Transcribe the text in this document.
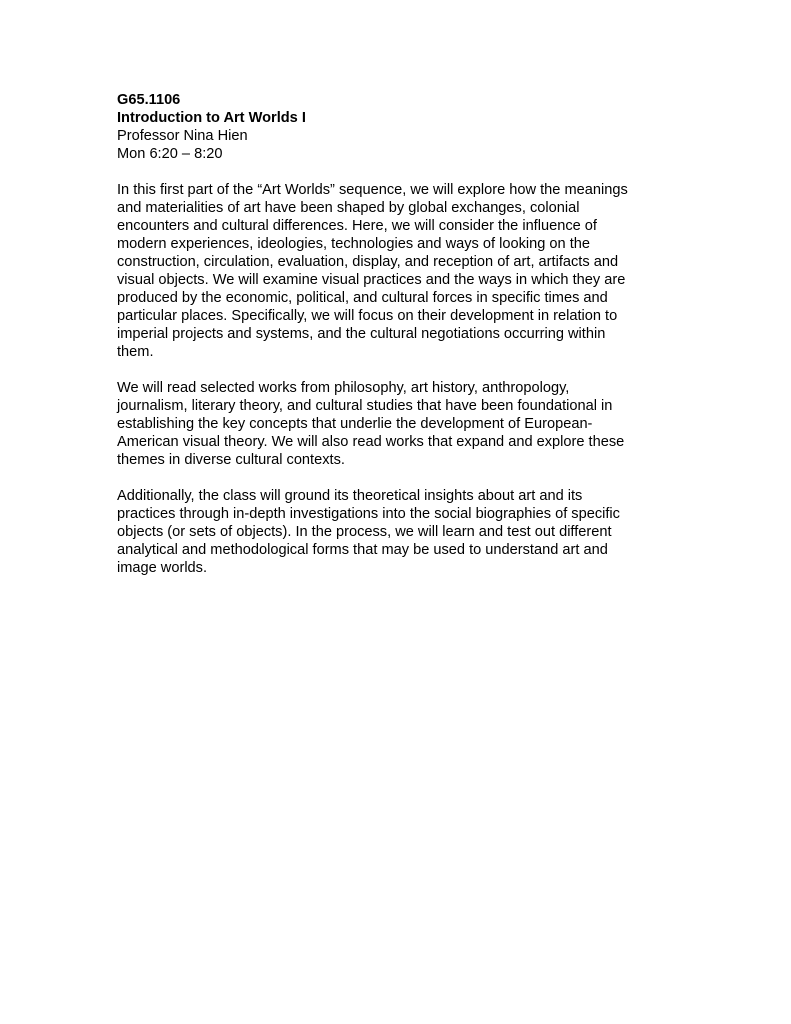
G65.1106
Introduction to Art Worlds I
Professor Nina Hien
Mon 6:20 – 8:20
In this first part of the “Art Worlds” sequence, we will explore how the meanings
and materialities of art have been shaped by global exchanges, colonial
encounters and cultural differences. Here, we will consider the influence of
modern experiences, ideologies, technologies and ways of looking on the
construction, circulation, evaluation, display, and reception of art, artifacts and
visual objects. We will examine visual practices and the ways in which they are
produced by the economic, political, and cultural forces in specific times and
particular places. Specifically, we will focus on their development in relation to
imperial projects and systems, and the cultural negotiations occurring within
them.
We will read selected works from philosophy, art history, anthropology,
journalism, literary theory, and cultural studies that have been foundational in
establishing the key concepts that underlie the development of European-
American visual theory. We will also read works that expand and explore these
themes in diverse cultural contexts.
Additionally, the class will ground its theoretical insights about art and its
practices through in-depth investigations into the social biographies of specific
objects (or sets of objects). In the process, we will learn and test out different
analytical and methodological forms that may be used to understand art and
image worlds.
